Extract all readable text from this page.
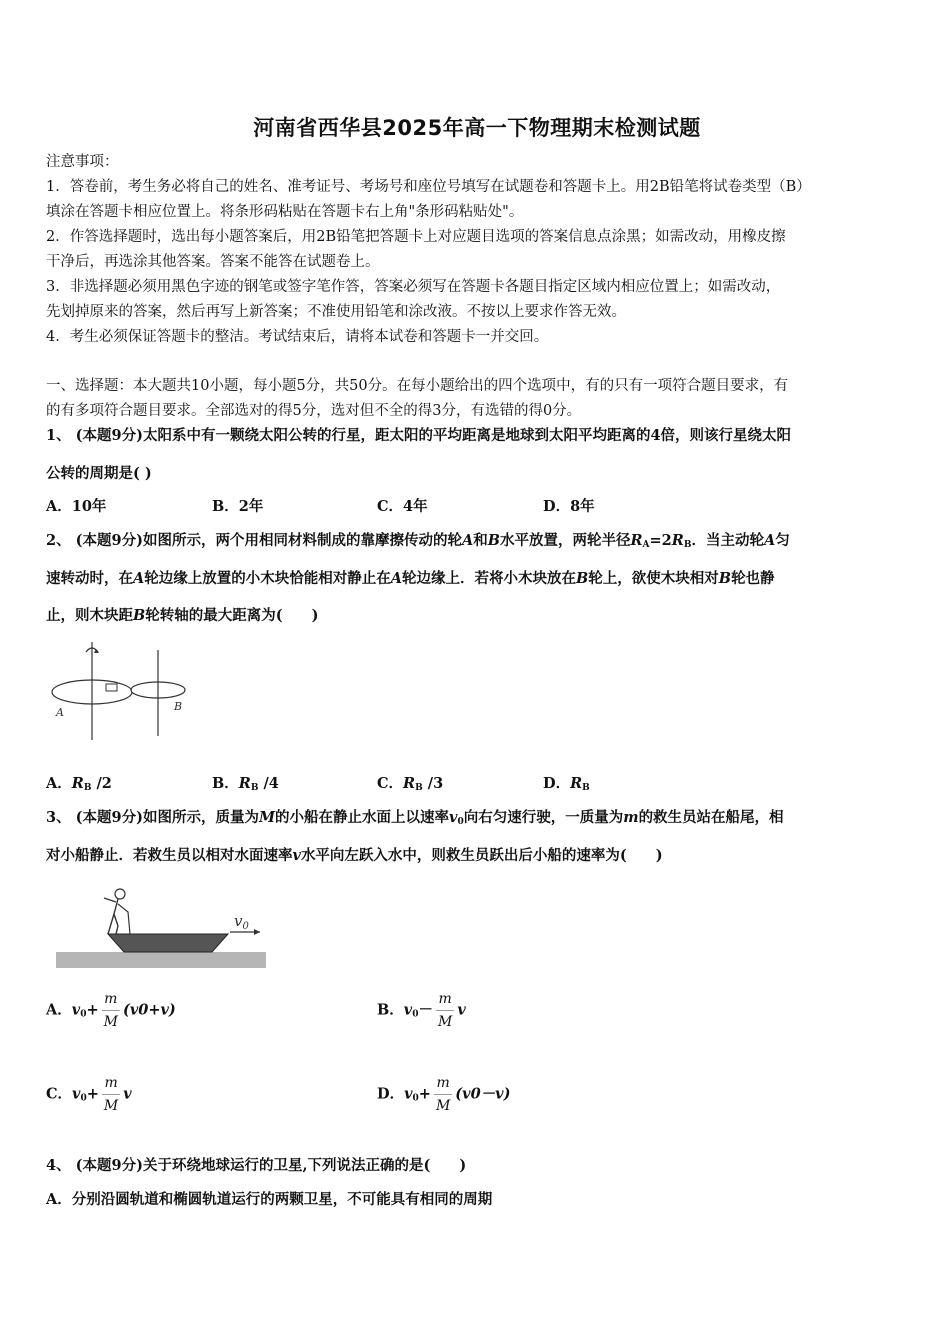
河南省西华县2025年高一下物理期末检测试题
注意事项：
1．答卷前，考生务必将自己的姓名、准考证号、考场号和座位号填写在试题卷和答题卡上。用2B铅笔将试卷类型（B）
填涂在答题卡相应位置上。将条形码粘贴在答题卡右上角"条形码粘贴处"。
2．作答选择题时，选出每小题答案后，用2B铅笔把答题卡上对应题目选项的答案信息点涂黑；如需改动，用橡皮擦
干净后，再选涂其他答案。答案不能答在试题卷上。
3．非选择题必须用黑色字迹的钢笔或签字笔作答，答案必须写在答题卡各题目指定区域内相应位置上；如需改动，
先划掉原来的答案，然后再写上新答案；不准使用铅笔和涂改液。不按以上要求作答无效。
4．考生必须保证答题卡的整洁。考试结束后，请将本试卷和答题卡一并交回。
一、选择题：本大题共10小题，每小题5分，共50分。在每小题给出的四个选项中，有的只有一项符合题目要求，有
的有多项符合题目要求。全部选对的得5分，选对但不全的得3分，有选错的得0分。
1、 (本题9分)太阳系中有一颗绕太阳公转的行星，距太阳的平均距离是地球到太阳平均距离的4倍，则该行星绕太阳
公转的周期是( )
A．10年	B．2年	C．4年	D．8年
2、 (本题9分)如图所示，两个用相同材料制成的靠摩擦传动的轮A和B水平放置，两轮半径$R_A=2R_B$．当主动轮A匀
速转动时，在A轮边缘上放置的小木块恰能相对静止在A轮边缘上．若将小木块放在B轮上，欲使木块相对B轮也静
止，则木块距B轮转轴的最大距离为(　　)
A	B
A．$R_B$ /2	B．$R_B$ /4	C．$R_B$ /3	D．$R_B$
3、 (本题9分)如图所示，质量为M的小船在静止水面上以速率$v_0$向右匀速行驶，一质量为m的救生员站在船尾，相
对小船静止．若救生员以相对水面速率v水平向左跃入水中，则救生员跃出后小船的速率为(　　)
$v_0$
A．$v_0+ \frac{m}{M} (v0+v)$	B．$v_0- \frac{m}{M}$ v
C．$v_0+ \frac{m}{M}$ v	D．$v_0+ \frac{m}{M} (v0-v)$
4、 (本题9分)关于环绕地球运行的卫星,下列说法正确的是(　　)
A．分别沿圆轨道和椭圆轨道运行的两颗卫星，不可能具有相同的周期
